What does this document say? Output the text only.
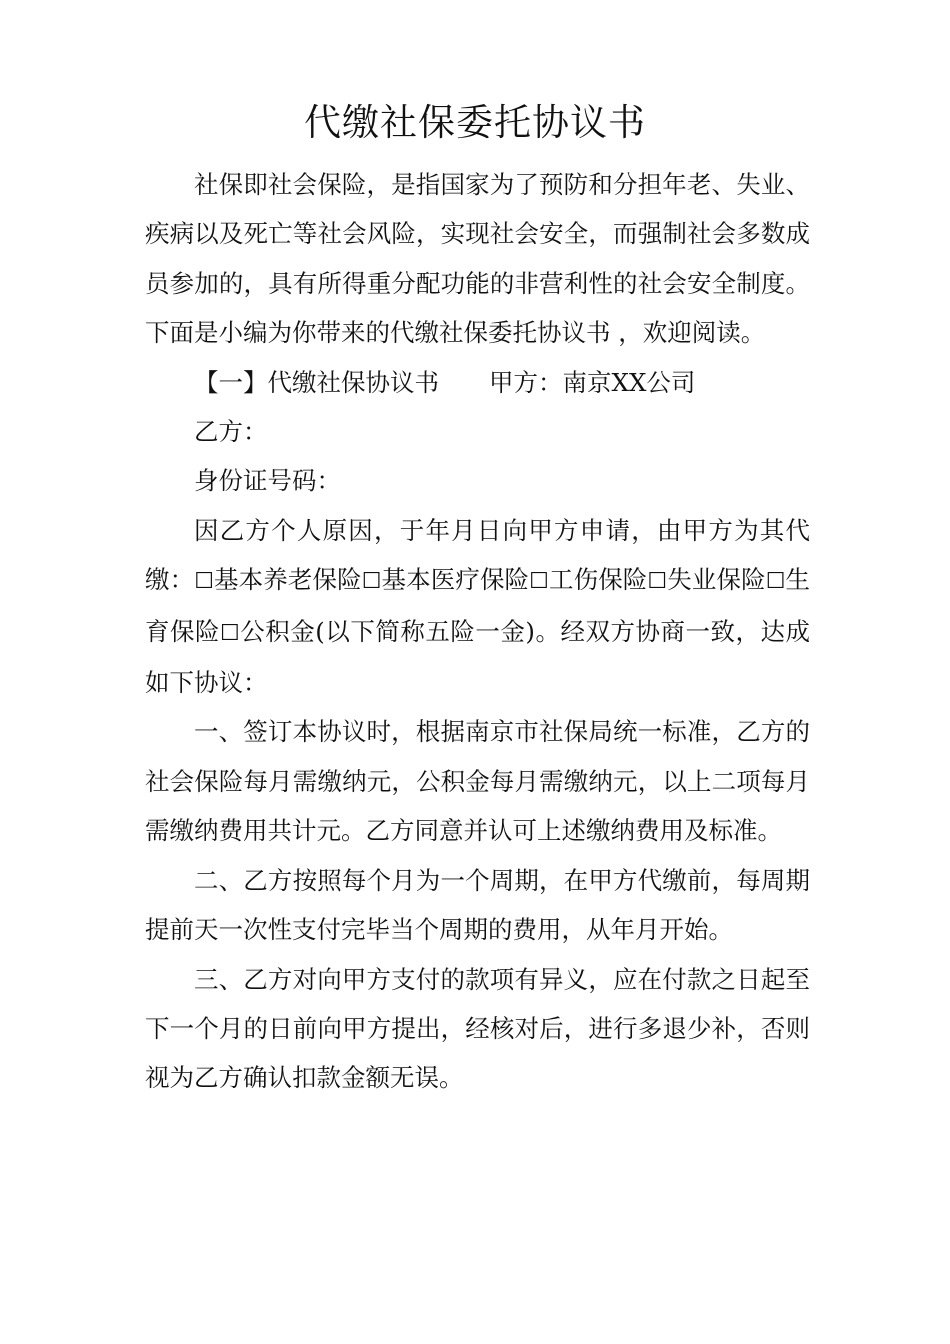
代缴社保委托协议书

社保即社会保险，是指国家为了预防和分担年老、失业、疾病以及死亡等社会风险，实现社会安全，而强制社会多数成员参加的，具有所得重分配功能的非营利性的社会安全制度。下面是小编为你带来的代缴社保委托协议书 ，欢迎阅读。

【一】代缴社保协议书 甲方：南京XX公司

乙方：

身份证号码：

因乙方个人原因，于年月日向甲方申请，由甲方为其代缴：☐基本养老保险☐基本医疗保险☐工伤保险☐失业保险☐生育保险☐公积金(以下简称五险一金)。经双方协商一致，达成如下协议：

一、签订本协议时，根据南京市社保局统一标准，乙方的社会保险每月需缴纳元，公积金每月需缴纳元，以上二项每月需缴纳费用共计元。乙方同意并认可上述缴纳费用及标准。

二、乙方按照每个月为一个周期，在甲方代缴前，每周期提前天一次性支付完毕当个周期的费用，从年月开始。

三、乙方对向甲方支付的款项有异义，应在付款之日起至下一个月的日前向甲方提出，经核对后，进行多退少补，否则视为乙方确认扣款金额无误。
